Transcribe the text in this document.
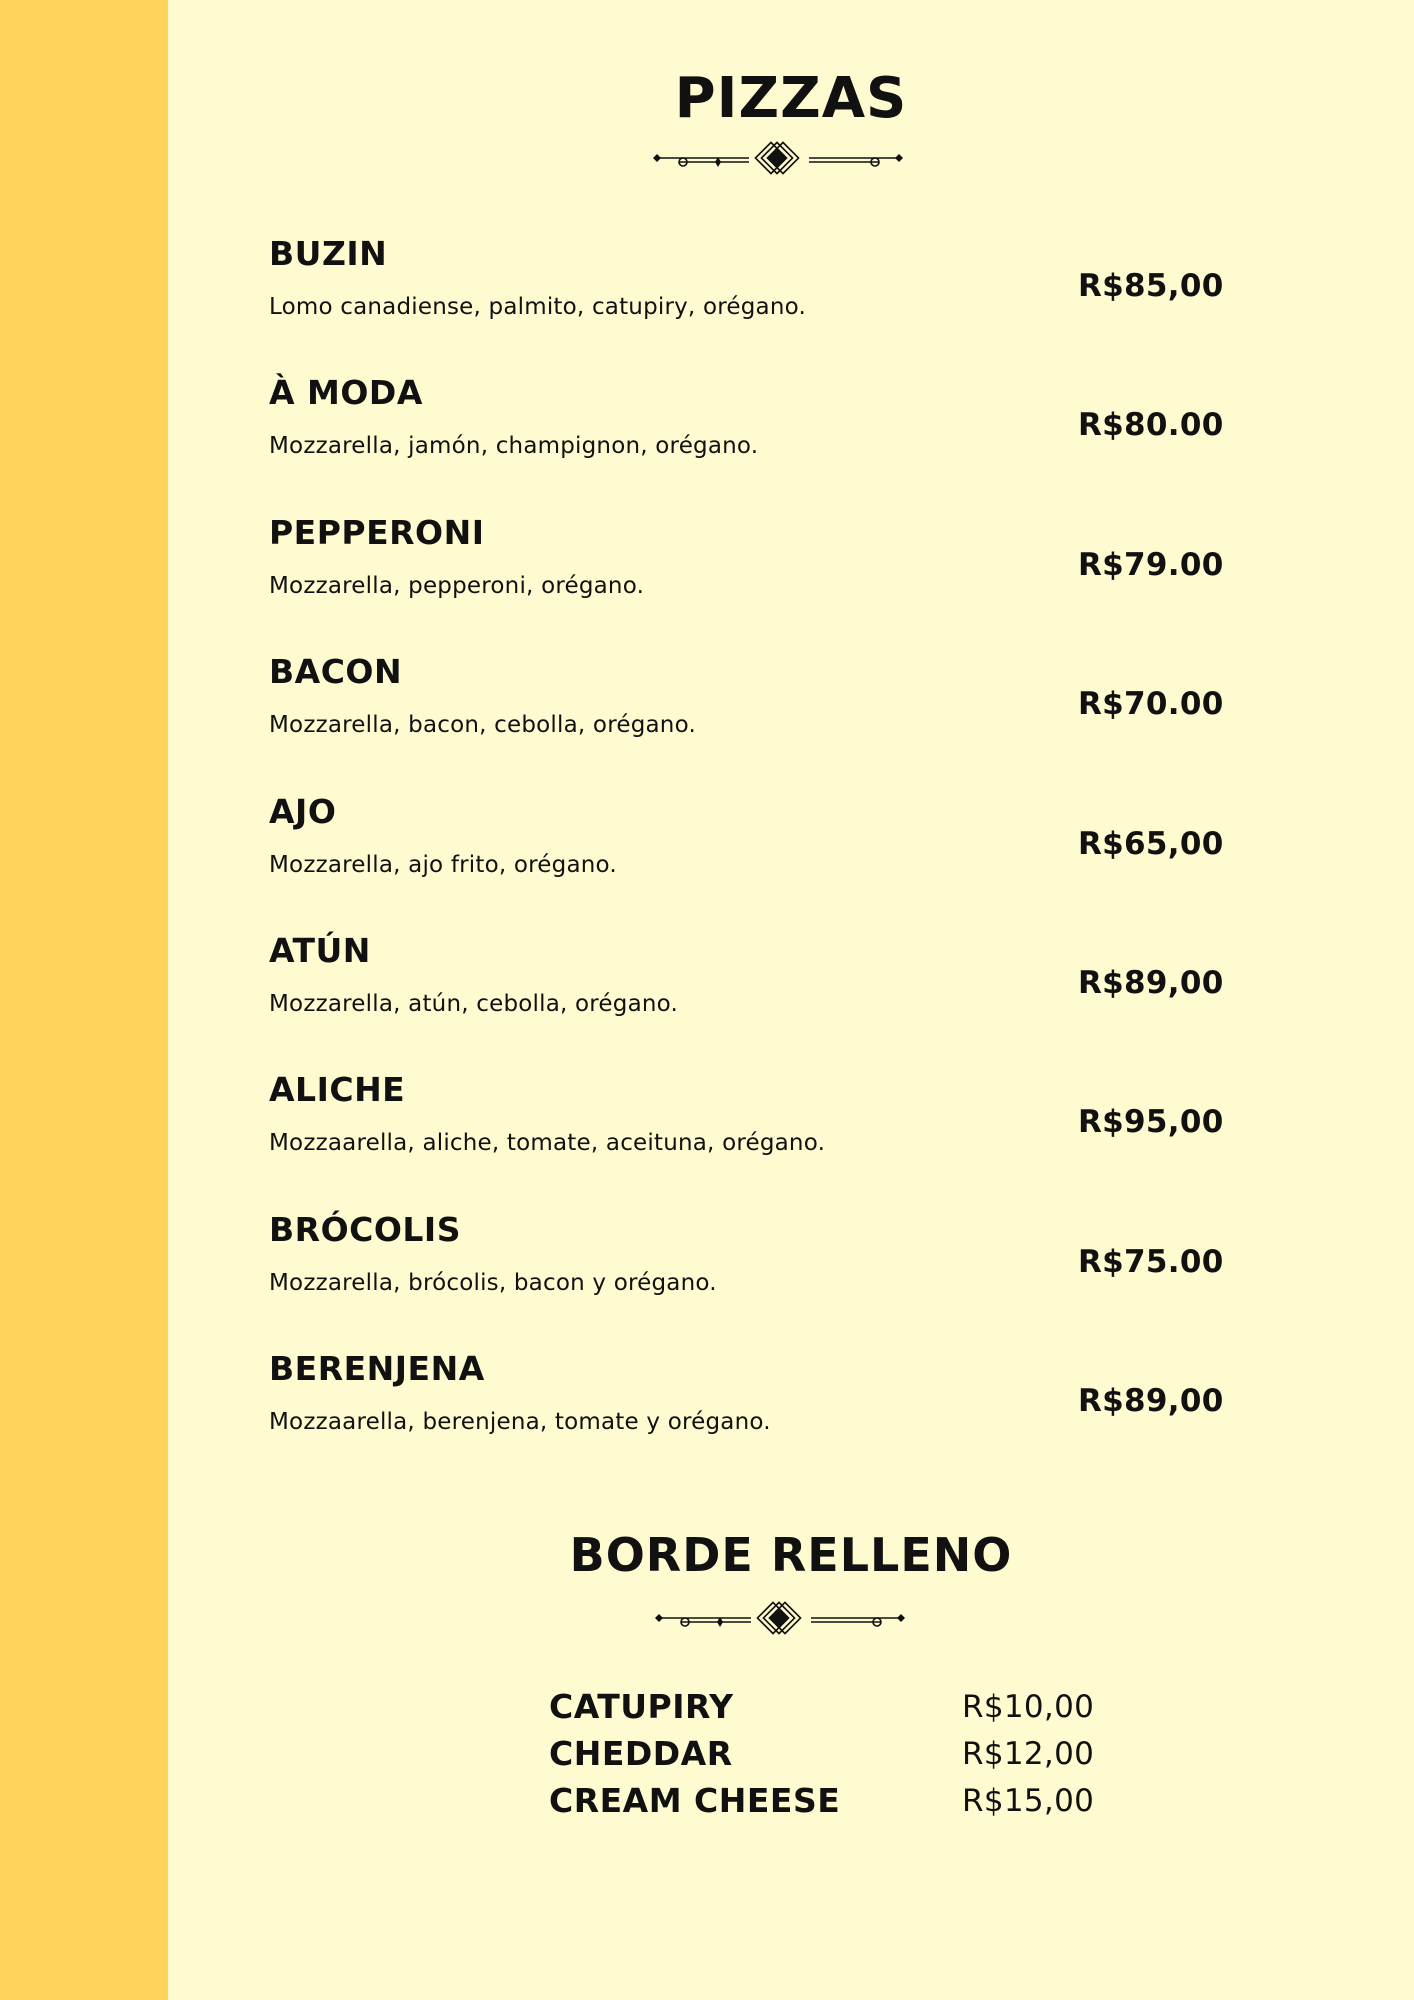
PIZZAS
BUZIN
Lomo canadiense, palmito, catupiry, orégano.
R$85,00
À MODA
Mozzarella, jamón, champignon, orégano.
R$80.00
PEPPERONI
Mozzarella, pepperoni, orégano.
R$79.00
BACON
Mozzarella, bacon, cebolla, orégano.
R$70.00
AJO
Mozzarella, ajo frito, orégano.
R$65,00
ATÚN
Mozzarella, atún, cebolla, orégano.
R$89,00
ALICHE
Mozzaarella, aliche, tomate, aceituna, orégano.
R$95,00
BRÓCOLIS
Mozzarella, brócolis, bacon y orégano.
R$75.00
BERENJENA
Mozzaarella, berenjena, tomate y orégano.
R$89,00
BORDE RELLENO
CATUPIRY	R$10,00
CHEDDAR	R$12,00
CREAM CHEESE	R$15,00
